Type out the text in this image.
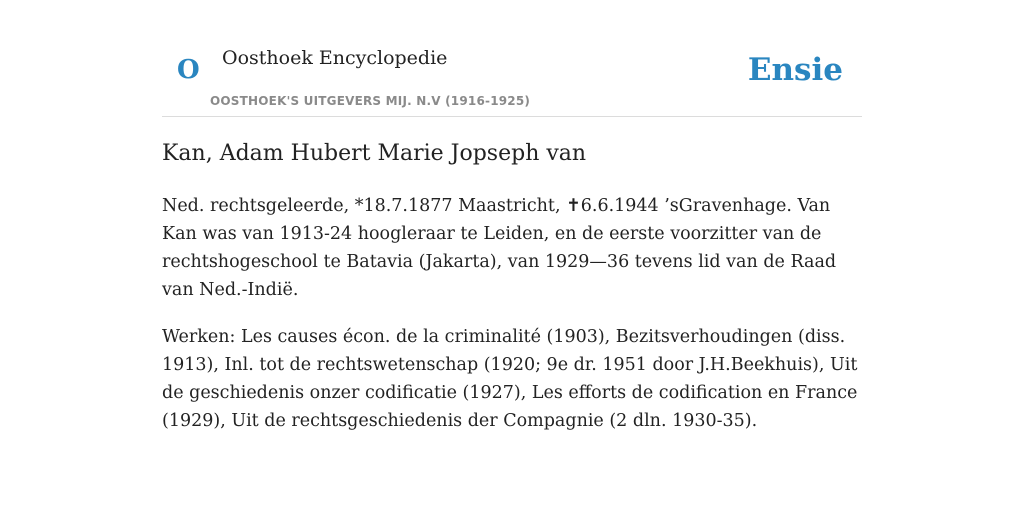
O Oosthoek Encyclopedie
OOSTHOEK'S UITGEVERS MIJ. N.V (1916-1925)
Ensie
Kan, Adam Hubert Marie Jopseph van

Ned. rechtsgeleerde, *18.7.1877 Maastricht, ✝6.6.1944 ’sGravenhage. Van Kan was van 1913-24 hoogleraar te Leiden, en de eerste voorzitter van de rechtshogeschool te Batavia (Jakarta), van 1929—36 tevens lid van de Raad van Ned.-Indië.

Werken: Les causes écon. de la criminalité (1903), Bezitsverhoudingen (diss. 1913), Inl. tot de rechtswetenschap (1920; 9e dr. 1951 door J.H.Beekhuis), Uit de geschiedenis onzer codificatie (1927), Les efforts de codification en France (1929), Uit de rechtsgeschiedenis der Compagnie (2 dln. 1930-35).
